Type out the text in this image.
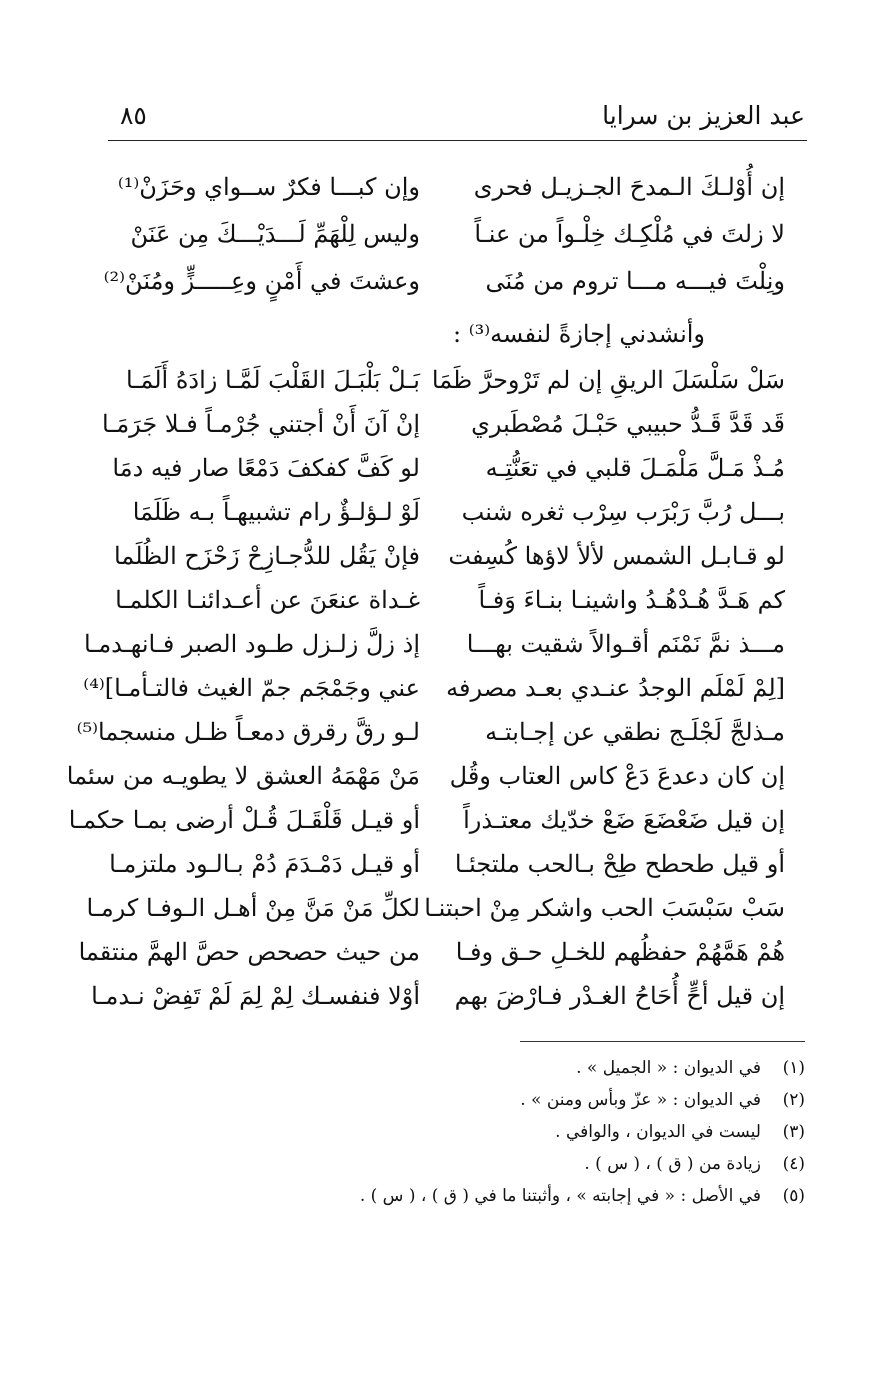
عبد العزيز بن سرايا
٨٥
إن أُوْلـكَ الـمدحَ الجـزيـل فحرى
وإن كبـــا فكرٌ ســواي وحَزَنْ⁽¹⁾
لا زلتَ في مُلْكِـك خِلْـواً من عنـاً
وليس لِلْهَمِّ لَـــدَيْـــكَ مِن عَنَنْ
ونِلْتَ فيـــه مـــا تروم من مُنَى
وعشتَ في أَمْنٍ وعِـــــزٍّ ومُنَنْ⁽²⁾
وأنشدني إجازةً لنفسه⁽³⁾ :
سَلْ سَلْسَلَ الريقِ إن لم تَرْوحرَّ ظَمَا
بَـلْ بَلْبَـلَ القَلْبَ لَمَّـا زادَهُ أَلَمَـا
قَد قَدَّ قَـدُّ حبيبي حَبْـلَ مُصْطَبري
إنْ آنَ أَنْ أجتني جُرْمـاً فـلا جَرَمَـا
مُـذْ مَـلَّ مَلْمَـلَ قلبي في تعَنُّتِـه
لو كَفَّ كفكفَ دَمْعًا صار فيه دمَا
بـــل رُبَّ رَبْرَب سِرْب ثغره شنب
لَوْ لـؤلـؤٌ رام تشبيهـاً بـه ظَلَمَا
لو قـابـل الشمس لألأ لاؤها كُسِفت
فإنْ يَقُل للدُّجـازِحْ زَحْزَح الظُلَما
كم هَـدَّ هُـدْهُـدُ واشينـا بنـاءَ وَفـاً
غـداة عنعَنَ عن أعـدائنـا الكلمـا
مـــذ نمَّ نَمْنَم أقـوالاً شقيت بهـــا
إذ زلَّ زلـزل طـود الصبر فـانهـدمـا
[لِمْ لَمْلَم الوجدُ عنـدي بعـد مصرفه
عني وجَمْجَم جمّ الغيث فالتـأمـا]⁽⁴⁾
مـذلجَّ لَجْلَـج نطقي عن إجـابتـه
لـو رقَّ رقرق دمعـاً ظـل منسجما⁽⁵⁾
إن كان دعدعَ دَعْ كاس العتاب وقُل
مَنْ مَهْمَهُ العشق لا يطويـه من سئما
إن قيل ضَعْضَعَ ضَعْ خدّيك معتـذراً
أو قيـل قَلْقَـلَ قُـلْ أرضى بمـا حكمـا
أو قيل طحطح طِحْ بـالحب ملتجئـا
أو قيـل دَمْـدَمَ دُمْ بـالـود ملتزمـا
سَبْ سَبْسَبَ الحب واشكر مِنْ احبتنـا
لكلِّ مَنْ مَنَّ مِنْ أهـل الـوفـا كرمـا
هُمْ هَمَّهُمْ حفظُهم للخـلِ حـق وفـا
من حيث حصحص حصَّ الهمَّ منتقما
إن قيل أحٍّ أُحَاحُ الغـدْر فـارْضَ بهم
أوْلا فنفسـك لِمْ لِمَ لَمْ تَفِضْ نـدمـا
(١)في الديوان : « الجميل » .
(٢)في الديوان : « عزّ وبأس ومنن » .
(٣)ليست في الديوان ، والوافي .
(٤)زيادة من ( ق ) ، ( س ) .
(٥)في الأصل : « في إجابته » ، وأثبتنا ما في ( ق ) ، ( س ) .
